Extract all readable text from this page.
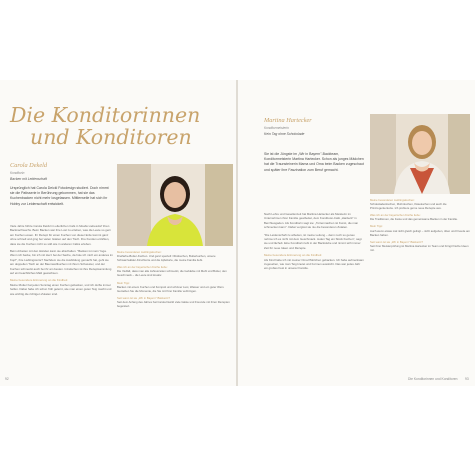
Die Konditorinnen
und Konditoren
Carola Dekeld
Konditorin
Backen mit Leidenschaft
Ursprünglich hat Carola Deickl Fotodesign studiert. Doch nimmt sie die Patisserie in Berührung gekommen, hat sie das Kuchenbacken nicht mehr losgelassen. Mittlerweile hat sich ihr Hobby zur Leidenschaft entwickelt.

Viele Jahre führte Carola Deickl im elterlichen Café in Moabs Liebesdorf ihren Backnachwuchs. Beim Backen war ihre Lust zu erleben, was die Leute so gern am Kuchen essen. Ihr Rezept für einen Kuchen von dieser Erde kommt ganz ohne schnell und ging bei vielen Gästen auf den Tisch. Ihre Kunden erzählen, dass sie die Kuchen nicht so süß wie in anderen Cafés erleben.

Beim Arbeiten mit den Händen kann sie abschalten. "Backen ist mein Yoga. Wenn ich backe, bin ich mit Herz bei der Sache, da hole ich mich ein anderes im Kopf", ihre Lieblingstorte? Nachdem sie die Ausbildung gemacht hat, geht sie am doppelten Tisch an der Baumwollkuchen mit ihrem Schwester, und der Kuchen schmeckt auch bei ihr am besten. Inzwischen ist ihre Rezeptsammlung auf ein beachtliches Maß gewachsen.

Meine besondere Erinnerung an die Kindheit:

Meine Mutter hat jeden Sonntag einen Kuchen gebacken, und ich durfte immer helfen. Dabei habe ich schon früh gelernt, wie man einen guten Teig macht und wie wichtig die richtigen Zutaten sind.

Meine besonderen Lieblingskuchen:

Dreifarbe-Butter-Kuchen. Und ganz speziell: Obstkuchen, Butterkuchen, unsere Schwarzwälder-Kirschtorte und die Apfeltorte, die meine Familie liebt.

Was ich an der bayerischen Küche liebe:

Die Vielfalt, dass man alle Jahreszeiten schmeckt, die Gebäcke mit Mehl und Butter, den Geschmack – die Leute sind kreativ.

Mein Tipp:

Backen mit einem Kuchen und Kompott und schöner Lust, Wasser und ein guter Wein. Genießen Sie die Momente, die Sie mit Ihrer Familie verbringen.

Seit wann ist sie „Wir in Bayern" Bäckerin?

Seit dem Anfang des Jahres hat Carola Deickl viele Gäste und Freunde mit ihren Rezepten begeistert.

92
Martina Hartecker
Konditormeisterin
Kein Tag ohne Schokolade
Sie ist die Jüngste im „Wir in Bayern"-Backteam, Konditormeisterin Martina Hartecker. Schon als junges Mädchen hat die Traunsteinerin Mama und Oma beim Backen zugeschaut und später ihre Faszination zum Beruf gemacht.

Nach Lehre und Gesellenzeit hat Martina Hartecker als Meisterin im Unternehmen ihrer Familie gearbeitet, dem Konditorei-Café „Hardeck" in Berchtesgaden. Als Konditorin sagt sie: „Tortenmachen ist Kunst, die man schmecken kann". Dabei vergisst sie nie die besonderen Zutaten.

"Die Leidenschaft zu arbeiten, ist meine Leitung – denn noch so genau nehme ich es nicht mit dem Geschmack. Jeden Tag ein Stück Kuchen", sagt sie und lächelt. Eine Konditorin lebt in der Backstube und nimmt sich immer Zeit für neue Ideen und Rezepte.

Meine besondere Erinnerung an die Kindheit:

Als Kind habe ich mit meiner Oma Plätzchen gebacken. Ich habe aufmerksam zugesehen, wie man Teig knetet und Formen aussticht. Das war jedes Jahr ein großes Fest in unserer Familie.

Meine besonderen Lieblingskuchen:

Schokoladenkuchen, Mohnkuchen, Käsekuchen und auch die Prinzregententorte. Ich probiere gerne neue Rezepte aus.

Was ich an der bayerischen Küche liebe:

Die Traditionen, die Feste und das gemeinsame Backen in der Familie.

Mein Tipp:

Auch wenn etwas mal nicht gleich gelingt – nicht aufgeben, üben und Freude am Backen haben.

Seit wann ist sie „Wir in Bayern" Bäckerin?

Seit ihrer Meisterprüfung ist Martina Hartecker im Team und bringt frische Ideen mit.

Die Konditorinnen und Konditoren 93
